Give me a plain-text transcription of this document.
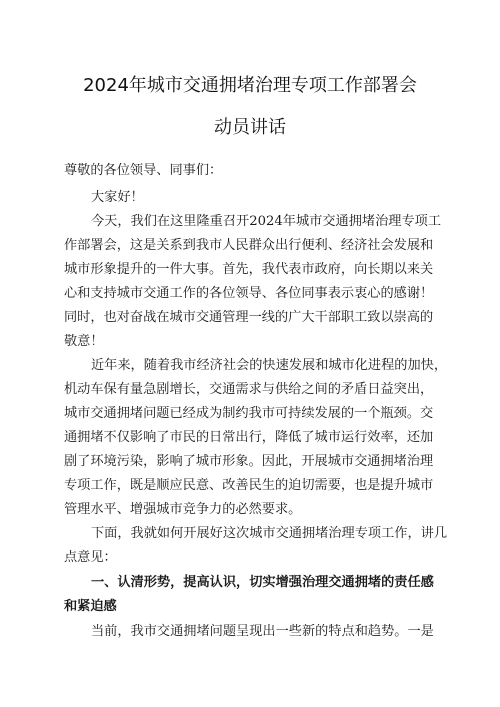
2024年城市交通拥堵治理专项工作部署会
动员讲话
尊敬的各位领导、同事们：
大家好！
今天，我们在这里隆重召开2024年城市交通拥堵治理专项工
作部署会，这是关系到我市人民群众出行便利、经济社会发展和
城市形象提升的一件大事。首先，我代表市政府，向长期以来关
心和支持城市交通工作的各位领导、各位同事表示衷心的感谢！
同时，也对奋战在城市交通管理一线的广大干部职工致以崇高的
敬意！
近年来，随着我市经济社会的快速发展和城市化进程的加快，
机动车保有量急剧增长，交通需求与供给之间的矛盾日益突出，
城市交通拥堵问题已经成为制约我市可持续发展的一个瓶颈。交
通拥堵不仅影响了市民的日常出行，降低了城市运行效率，还加
剧了环境污染，影响了城市形象。因此，开展城市交通拥堵治理
专项工作，既是顺应民意、改善民生的迫切需要，也是提升城市
管理水平、增强城市竞争力的必然要求。
下面，我就如何开展好这次城市交通拥堵治理专项工作，讲几
点意见：
一、认清形势，提高认识，切实增强治理交通拥堵的责任感
和紧迫感
当前，我市交通拥堵问题呈现出一些新的特点和趋势。一是
